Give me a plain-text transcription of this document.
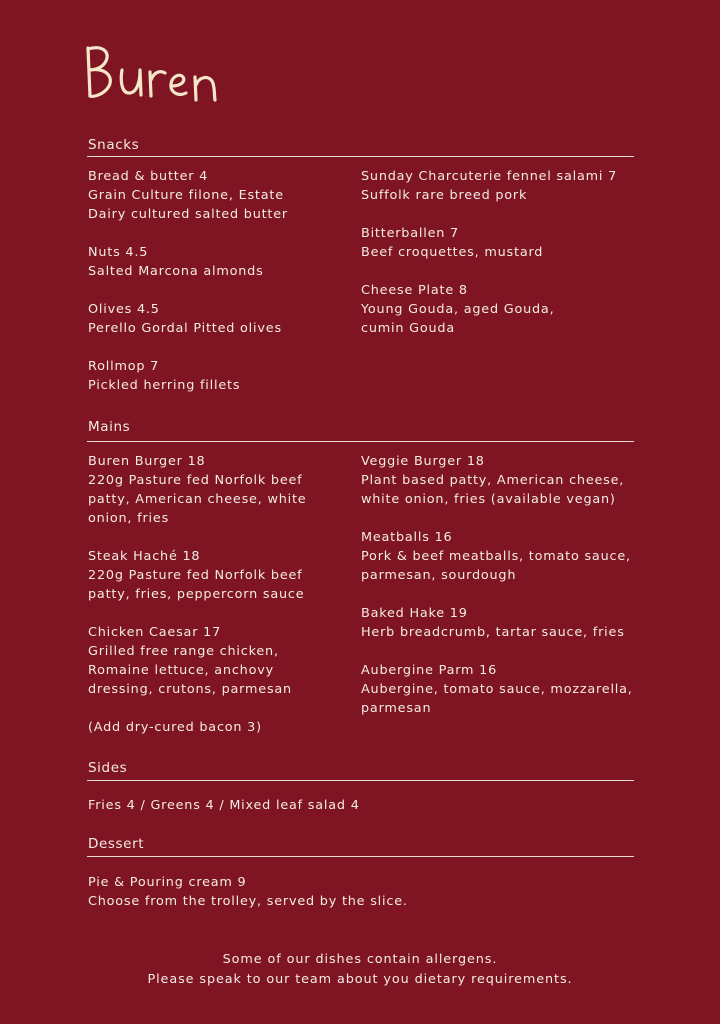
Snacks
Bread & butter 4
Grain Culture filone, Estate
Dairy cultured salted butter
Nuts 4.5
Salted Marcona almonds
Olives 4.5
Perello Gordal Pitted olives
Rollmop 7
Pickled herring fillets
Sunday Charcuterie fennel salami 7
Suffolk rare breed pork
Bitterballen 7
Beef croquettes, mustard
Cheese Plate 8
Young Gouda, aged Gouda,
cumin Gouda
Mains
Buren Burger 18
220g Pasture fed Norfolk beef
patty, American cheese, white
onion, fries
Steak Haché 18
220g Pasture fed Norfolk beef
patty, fries, peppercorn sauce
Chicken Caesar 17
Grilled free range chicken,
Romaine lettuce, anchovy
dressing, crutons, parmesan
(Add dry-cured bacon 3)
Veggie Burger 18
Plant based patty, American cheese,
white onion, fries (available vegan)
Meatballs 16
Pork & beef meatballs, tomato sauce,
parmesan, sourdough
Baked Hake 19
Herb breadcrumb, tartar sauce, fries
Aubergine Parm 16
Aubergine, tomato sauce, mozzarella,
parmesan
Sides
Fries 4 / Greens 4 / Mixed leaf salad 4
Dessert
Pie & Pouring cream 9
Choose from the trolley, served by the slice.
Some of our dishes contain allergens.
Please speak to our team about you dietary requirements.
